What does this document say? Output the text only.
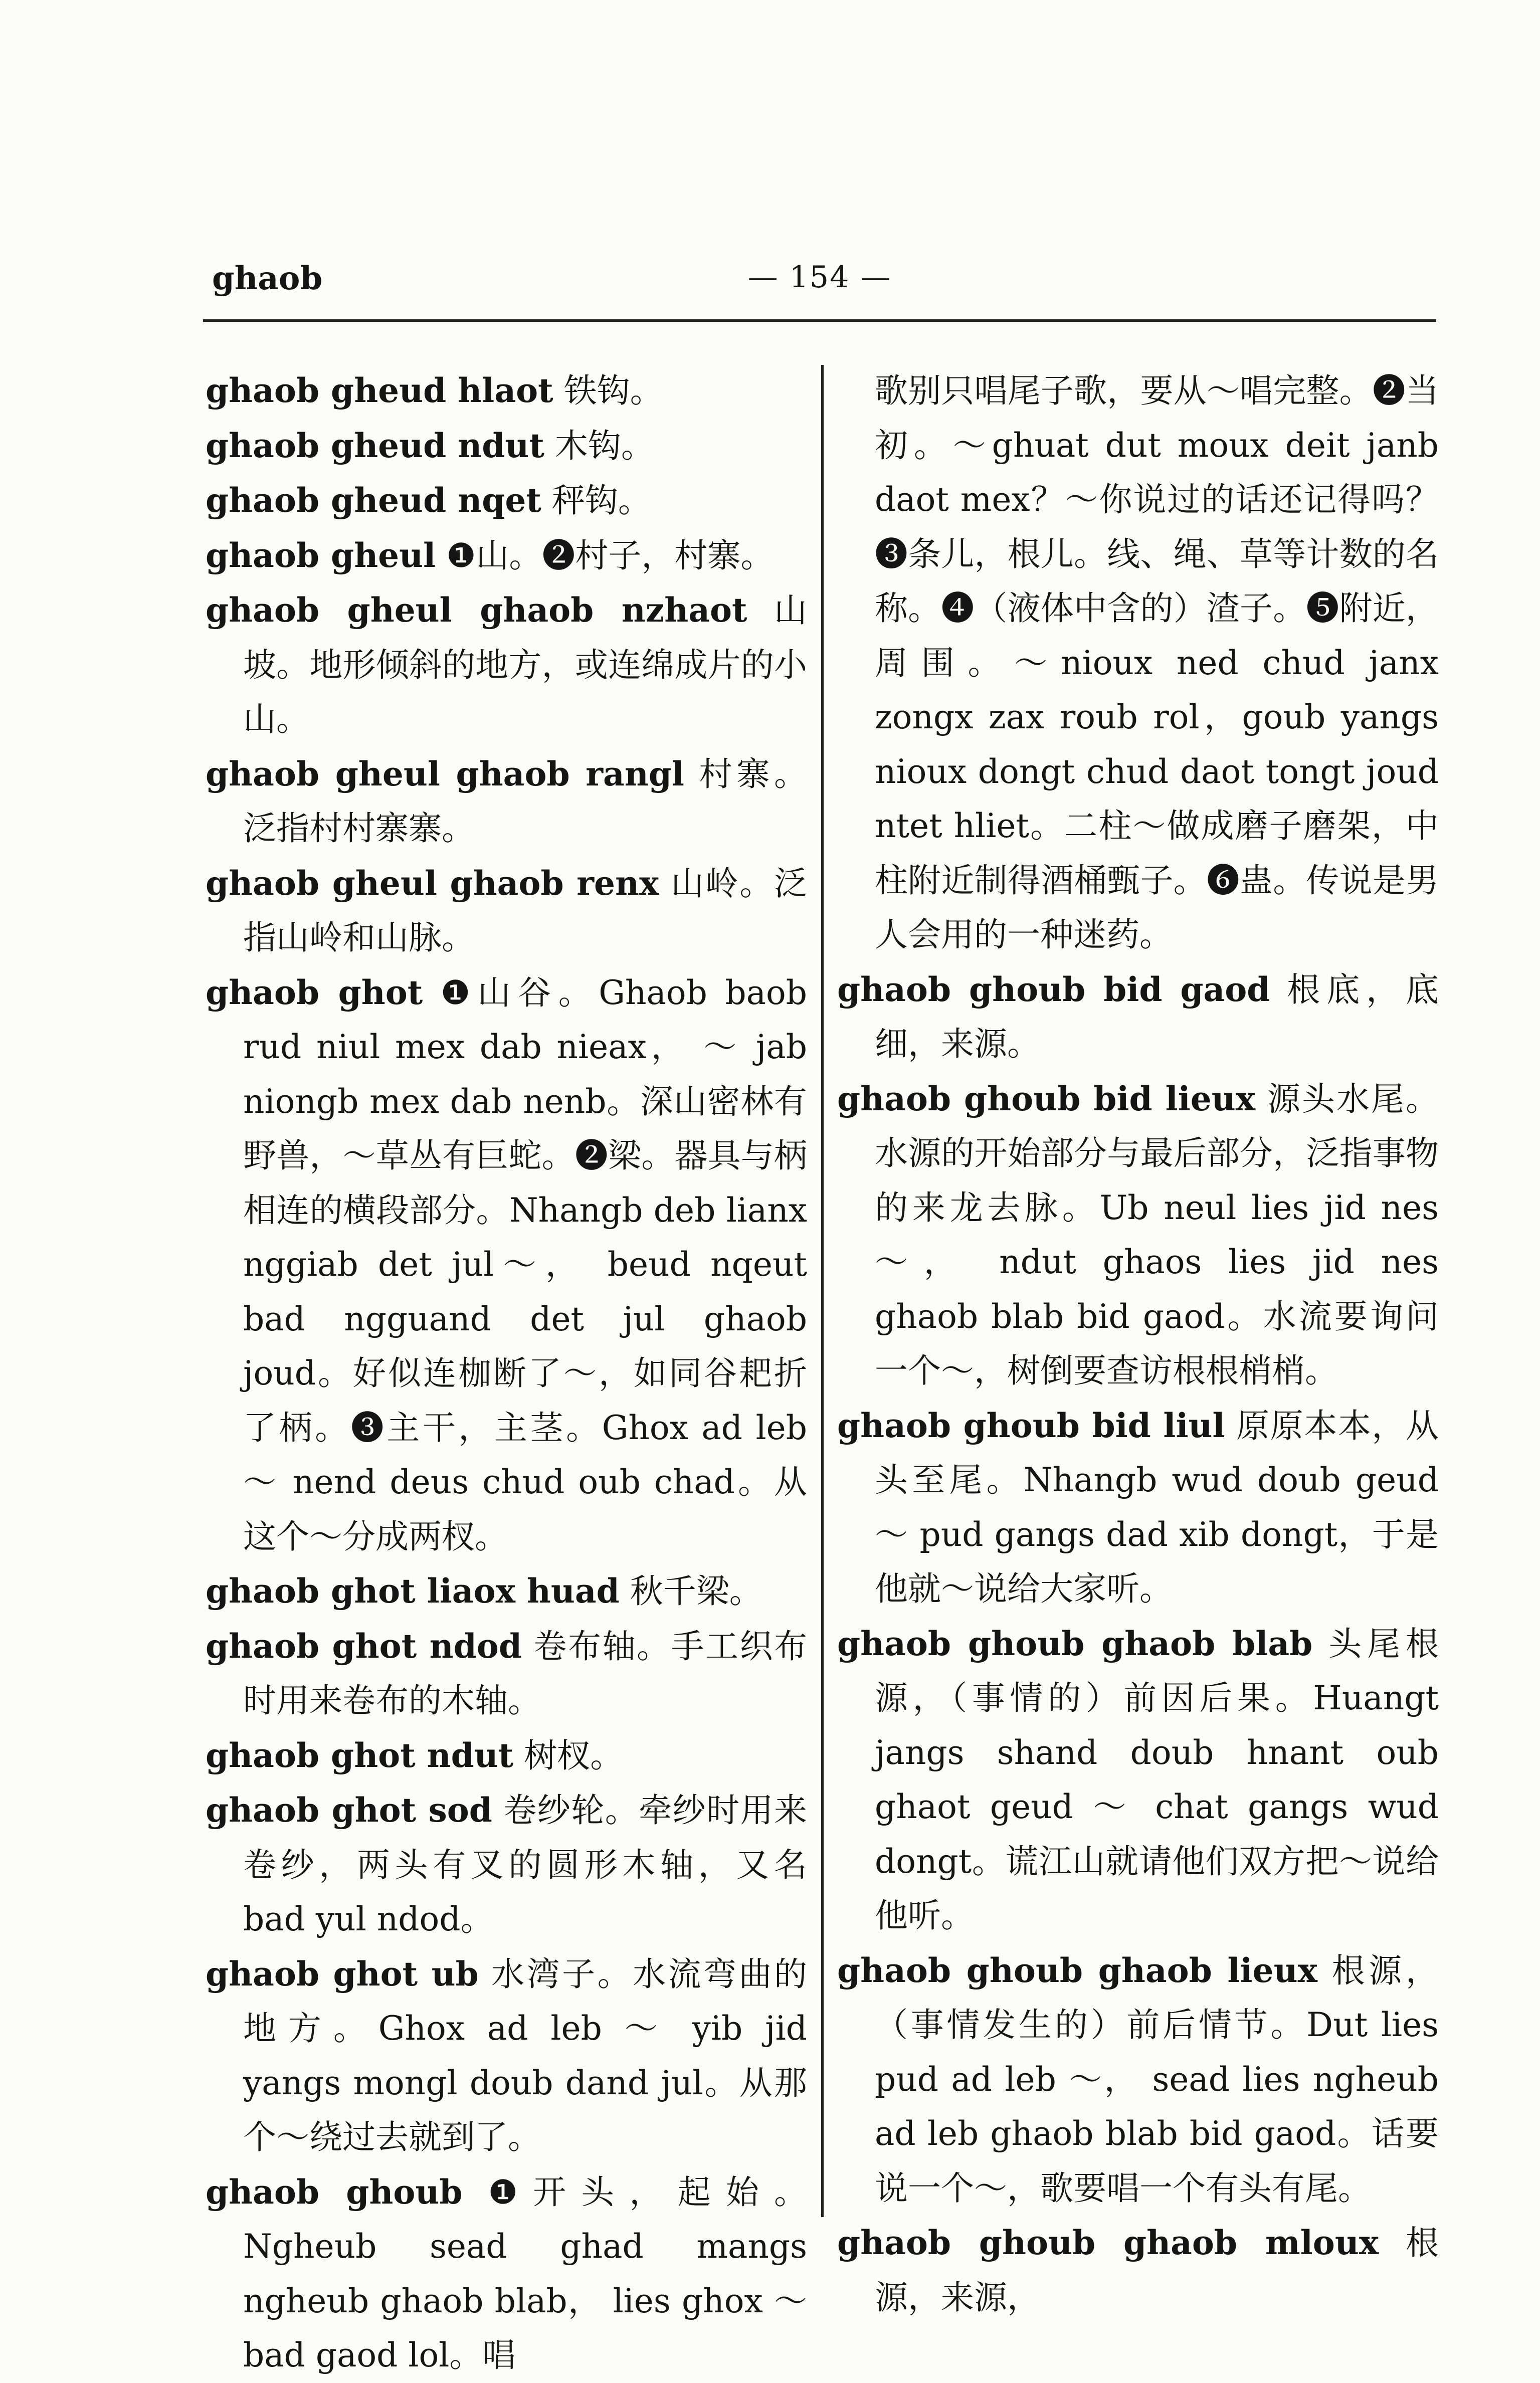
ghaob	— 154 —

ghaob gheud hlaot 铁钩。

ghaob gheud ndut 木钩。

ghaob gheud nqet 秤钩。

ghaob gheul ❶山。❷村子，村寨。

ghaob gheul ghaob nzhaot 山坡。地形倾斜的地方，或连绵成片的小山。

ghaob gheul ghaob rangl 村寨。泛指村村寨寨。

ghaob gheul ghaob renx 山岭。泛指山岭和山脉。

ghaob ghot ❶山谷。Ghaob baob rud niul mex dab nieax， ～ jab niongb mex dab nenb。深山密林有野兽，～草丛有巨蛇。❷梁。器具与柄相连的横段部分。Nhangb deb lianx nggiab det jul～， beud nqeut bad ngguand det jul ghaob joud。好似连枷断了～，如同谷耙折了柄。❸主干，主茎。Ghox ad leb ～ nend deus chud oub chad。从这个～分成两杈。

ghaob ghot liaox huad 秋千梁。

ghaob ghot ndod 卷布轴。手工织布时用来卷布的木轴。

ghaob ghot ndut 树杈。

ghaob ghot sod 卷纱轮。牵纱时用来卷纱，两头有叉的圆形木轴，又名 bad yul ndod。

ghaob ghot ub 水湾子。水流弯曲的地方。Ghox ad leb ～ yib jid yangs mongl doub dand jul。从那个～绕过去就到了。

ghaob ghoub ❶开头，起始。Ngheub sead ghad mangs ngheub ghaob blab， lies ghox ～ bad gaod lol。唱

歌别只唱尾子歌，要从～唱完整。❷当初。～ghuat dut moux deit janb daot mex？～你说过的话还记得吗？❸条儿，根儿。线、绳、草等计数的名称。❹（液体中含的）渣子。❺附近，周围。～nioux ned chud janx zongx zax roub rol，goub yangs nioux dongt chud daot tongt joud ntet hliet。二柱～做成磨子磨架，中柱附近制得酒桶甄子。❻蛊。传说是男人会用的一种迷药。

ghaob ghoub bid gaod 根底，底细，来源。

ghaob ghoub bid lieux 源头水尾。水源的开始部分与最后部分，泛指事物的来龙去脉。Ub neul lies jid nes ～， ndut ghaos lies jid nes ghaob blab bid gaod。水流要询问一个～，树倒要查访根根梢梢。

ghaob ghoub bid liul 原原本本，从头至尾。Nhangb wud doub geud ～ pud gangs dad xib dongt，于是他就～说给大家听。

ghaob ghoub ghaob blab 头尾根源，（事情的）前因后果。Huangt jangs shand doub hnant oub ghaot geud ～ chat gangs wud dongt。谎江山就请他们双方把～说给他听。

ghaob ghoub ghaob lieux 根源，（事情发生的）前后情节。Dut lies pud ad leb ～， sead lies ngheub ad leb ghaob blab bid gaod。话要说一个～，歌要唱一个有头有尾。

ghaob ghoub ghaob mloux 根源，来源，
